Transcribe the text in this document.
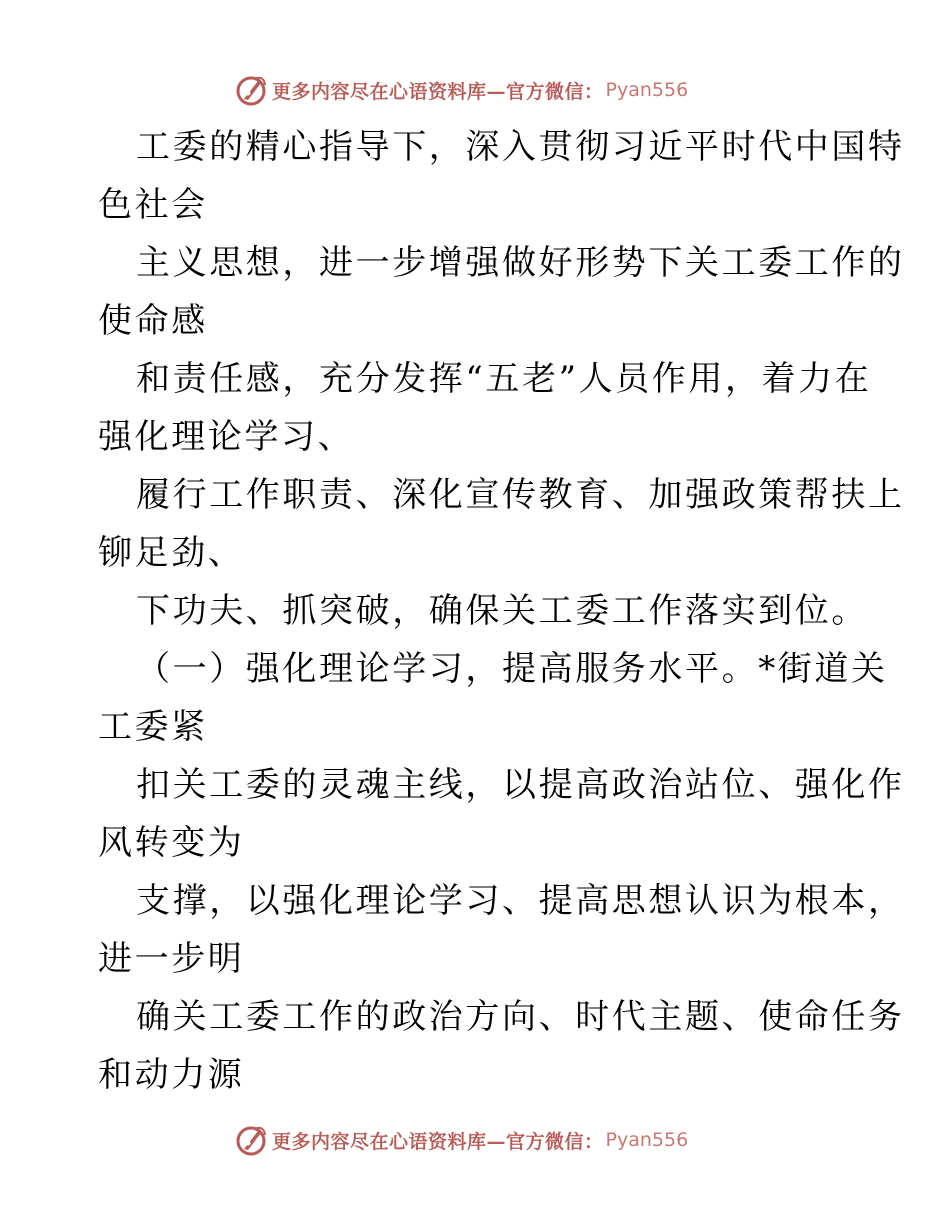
更多内容尽在心语资料库—官方微信： Pyan556
工委的精心指导下，深入贯彻习近平时代中国特
色社会
主义思想，进一步增强做好形势下关工委工作的
使命感
和责任感，充分发挥“五老”人员作用，着力在
强化理论学习、
履行工作职责、深化宣传教育、加强政策帮扶上
铆足劲、
下功夫、抓突破，确保关工委工作落实到位。
（一）强化理论学习，提高服务水平。*街道关
工委紧
扣关工委的灵魂主线，以提高政治站位、强化作
风转变为
支撑，以强化理论学习、提高思想认识为根本，
进一步明
确关工委工作的政治方向、时代主题、使命任务
和动力源
更多内容尽在心语资料库—官方微信： Pyan556
